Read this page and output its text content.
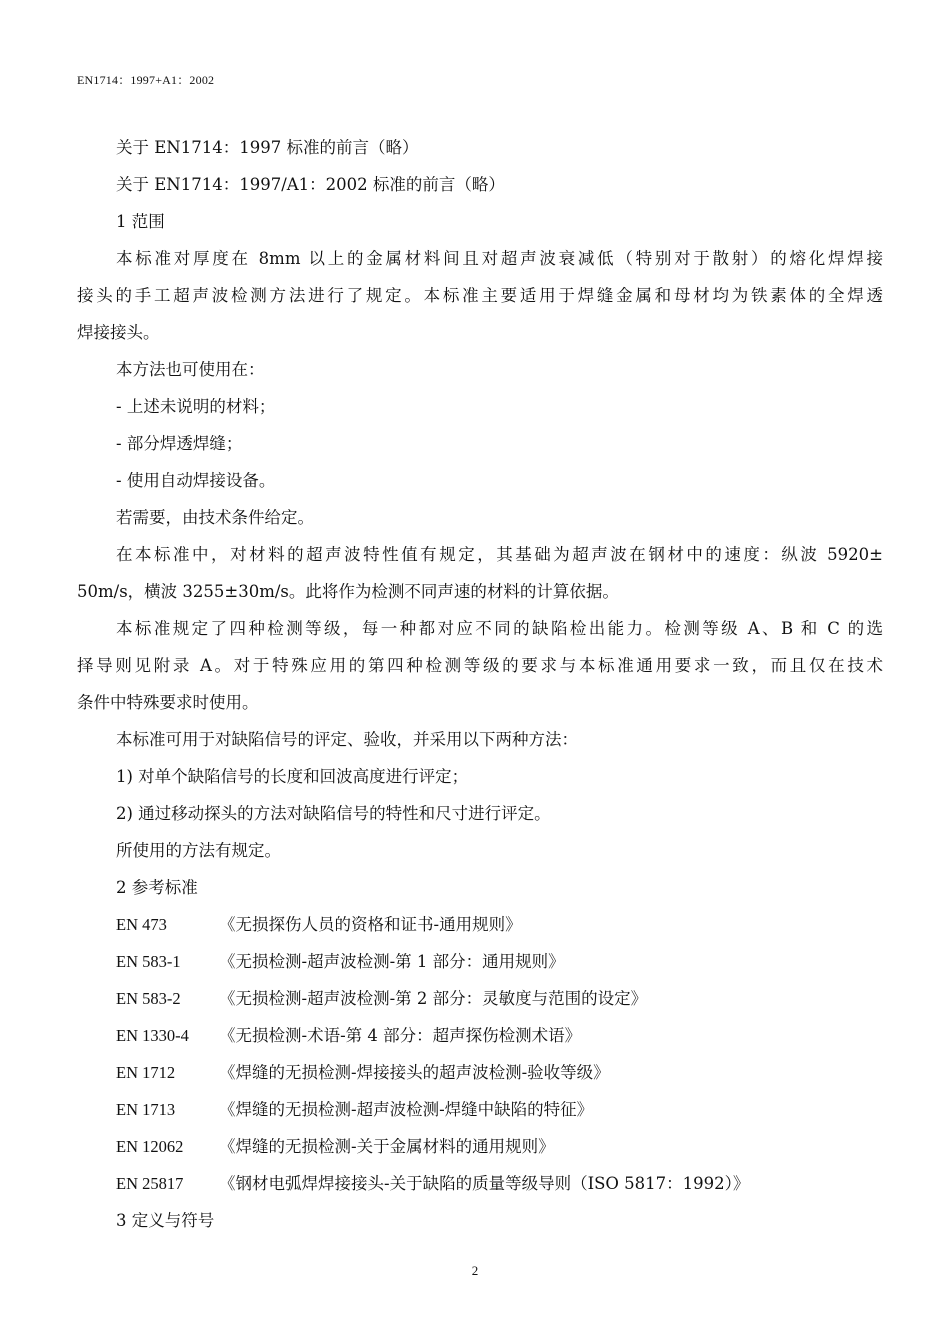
EN1714：1997+A1：2002
关于 EN1714：1997 标准的前言（略）
关于 EN1714：1997/A1：2002 标准的前言（略）
1 范围
本标准对厚度在 8mm 以上的金属材料间且对超声波衰减低（特别对于散射）的熔化焊焊接
接头的手工超声波检测方法进行了规定。本标准主要适用于焊缝金属和母材均为铁素体的全焊透
焊接接头。
本方法也可使用在：
- 上述未说明的材料；
- 部分焊透焊缝；
- 使用自动焊接设备。
若需要，由技术条件给定。
在本标准中，对材料的超声波特性值有规定，其基础为超声波在钢材中的速度：纵波 5920±
50m/s，横波 3255±30m/s。此将作为检测不同声速的材料的计算依据。
本标准规定了四种检测等级，每一种都对应不同的缺陷检出能力。检测等级 A、B 和 C 的选
择导则见附录 A。对于特殊应用的第四种检测等级的要求与本标准通用要求一致，而且仅在技术
条件中特殊要求时使用。
本标准可用于对缺陷信号的评定、验收，并采用以下两种方法：
1) 对单个缺陷信号的长度和回波高度进行评定；
2) 通过移动探头的方法对缺陷信号的特性和尺寸进行评定。
所使用的方法有规定。
2 参考标准
EN 473	《无损探伤人员的资格和证书-通用规则》
EN 583-1 《无损检测-超声波检测-第 1 部分：通用规则》
EN 583-2 《无损检测-超声波检测-第 2 部分：灵敏度与范围的设定》
EN 1330-4 《无损检测-术语-第 4 部分：超声探伤检测术语》
EN 1712	《焊缝的无损检测-焊接接头的超声波检测-验收等级》
EN 1713	《焊缝的无损检测-超声波检测-焊缝中缺陷的特征》
EN 12062 《焊缝的无损检测-关于金属材料的通用规则》
EN 25817 《钢材电弧焊焊接接头-关于缺陷的质量等级导则（ISO 5817：1992）》
3 定义与符号
2
